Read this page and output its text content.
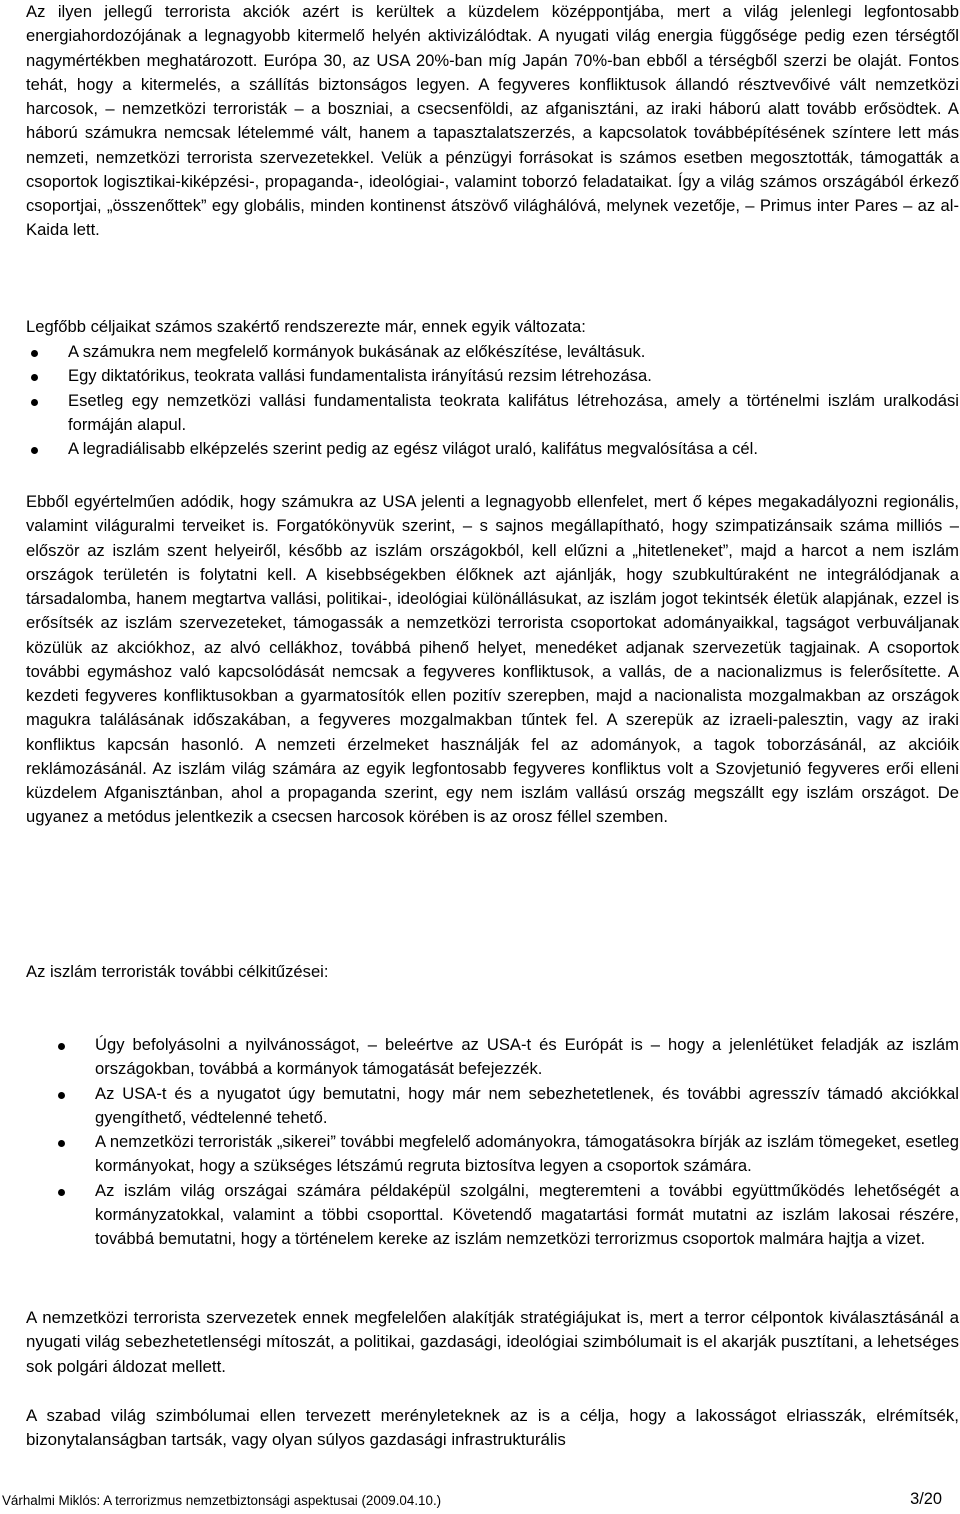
Az ilyen jellegű terrorista akciók azért is kerültek a küzdelem középpontjába, mert a világ jelenlegi legfontosabb energiahordozójának a legnagyobb kitermelő helyén aktivizálódtak. A nyugati világ energia függősége pedig ezen térségtől nagymértékben meghatározott. Európa 30, az USA 20%-ban míg Japán 70%-ban ebből a térségből szerzi be olaját. Fontos tehát, hogy a kitermelés, a szállítás biztonságos legyen. A fegyveres konfliktusok állandó résztvevőivé vált nemzetközi harcosok, – nemzetközi terroristák – a boszniai, a csecsenföldi, az afganisztáni, az iraki háború alatt tovább erősödtek. A háború számukra nemcsak lételemmé vált, hanem a tapasztalatszerzés, a kapcsolatok továbbépítésének színtere lett más nemzeti, nemzetközi terrorista szervezetekkel. Velük a pénzügyi forrásokat is számos esetben megosztották, támogatták a csoportok logisztikai-kiképzési-, propaganda-, ideológiai-, valamint toborzó feladataikat. Így a világ számos országából érkező csoportjai, „összenőttek” egy globális, minden kontinenst átszövő világhálóvá, melynek vezetője, – Primus inter Pares – az al-Kaida lett.

Legfőbb céljaikat számos szakértő rendszerezte már, ennek egyik változata:

A számukra nem megfelelő kormányok bukásának az előkészítése, leváltásuk.
Egy diktatórikus, teokrata vallási fundamentalista irányítású rezsim létrehozása.
Esetleg egy nemzetközi vallási fundamentalista teokrata kalifátus létrehozása, amely a történelmi iszlám uralkodási formáján alapul.
A legradiálisabb elképzelés szerint pedig az egész világot uraló, kalifátus megvalósítása a cél.

Ebből egyértelműen adódik, hogy számukra az USA jelenti a legnagyobb ellenfelet, mert ő képes megakadályozni regionális, valamint világuralmi terveiket is. Forgatókönyvük szerint, – s sajnos megállapítható, hogy szimpatizánsaik száma milliós – először az iszlám szent helyeiről, később az iszlám országokból, kell elűzni a „hitetleneket”, majd a harcot a nem iszlám országok területén is folytatni kell. A kisebbségekben élőknek azt ajánlják, hogy szubkultúraként ne integrálódjanak a társadalomba, hanem megtartva vallási, politikai-, ideológiai különállásukat, az iszlám jogot tekintsék életük alapjának, ezzel is erősítsék az iszlám szervezeteket, támogassák a nemzetközi terrorista csoportokat adományaikkal, tagságot verbuváljanak közülük az akciókhoz, az alvó cellákhoz, továbbá pihenő helyet, menedéket adjanak szervezetük tagjainak. A csoportok további egymáshoz való kapcsolódását nemcsak a fegyveres konfliktusok, a vallás, de a nacionalizmus is felerősítette. A kezdeti fegyveres konfliktusokban a gyarmatosítók ellen pozitív szerepben, majd a nacionalista mozgalmakban az országok magukra találásának időszakában, a fegyveres mozgalmakban tűntek fel. A szerepük az izraeli-palesztin, vagy az iraki konfliktus kapcsán hasonló. A nemzeti érzelmeket használják fel az adományok, a tagok toborzásánál, az akcióik reklámozásánál. Az iszlám világ számára az egyik legfontosabb fegyveres konfliktus volt a Szovjetunió fegyveres erői elleni küzdelem Afganisztánban, ahol a propaganda szerint, egy nem iszlám vallású ország megszállt egy iszlám országot. De ugyanez a metódus jelentkezik a csecsen harcosok körében is az orosz féllel szemben.

Az iszlám terroristák további célkitűzései:

Úgy befolyásolni a nyilvánosságot, – beleértve az USA-t és Európát is – hogy a jelenlétüket feladják az iszlám országokban, továbbá a kormányok támogatását befejezzék.
Az USA-t és a nyugatot úgy bemutatni, hogy már nem sebezhetetlenek, és további agresszív támadó akciókkal gyengíthető, védtelenné tehető.
A nemzetközi terroristák „sikerei” további megfelelő adományokra, támogatásokra bírják az iszlám tömegeket, esetleg kormányokat, hogy a szükséges létszámú regruta biztosítva legyen a csoportok számára.
Az iszlám világ országai számára példaképül szolgálni, megteremteni a további együttműködés lehetőségét a kormányzatokkal, valamint a többi csoporttal. Követendő magatartási formát mutatni az iszlám lakosai részére, továbbá bemutatni, hogy a történelem kereke az iszlám nemzetközi terrorizmus csoportok malmára hajtja a vizet.

A nemzetközi terrorista szervezetek ennek megfelelően alakítják stratégiájukat is, mert a terror célpontok kiválasztásánál a nyugati világ sebezhetetlenségi mítoszát, a politikai, gazdasági, ideológiai szimbólumait is el akarják pusztítani, a lehetséges sok polgári áldozat mellett.

A szabad világ szimbólumai ellen tervezett merényleteknek az is a célja, hogy a lakosságot elriasszák, elrémítsék, bizonytalanságban tartsák, vagy olyan súlyos gazdasági infrastrukturális

Várhalmi Miklós: A terrorizmus nemzetbiztonsági aspektusai (2009.04.10.)	3/20
